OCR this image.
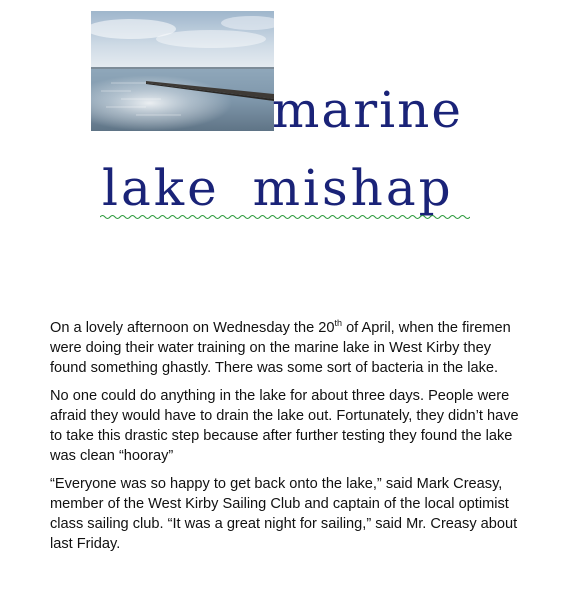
marine
lake mishap

On a lovely afternoon on Wednesday the 20th of April, when the firemen were doing their water training on the marine lake in West Kirby they found something ghastly. There was some sort of bacteria in the lake.

No one could do anything in the lake for about three days. People were afraid they would have to drain the lake out. Fortunately, they didn’t have to take this drastic step because after further testing they found the lake was clean “hooray”

“Everyone was so happy to get back onto the lake,” said Mark Creasy, member of the West Kirby Sailing Club and captain of the local optimist class sailing club. “It was a great night for sailing,” said Mr. Creasy about last Friday.
